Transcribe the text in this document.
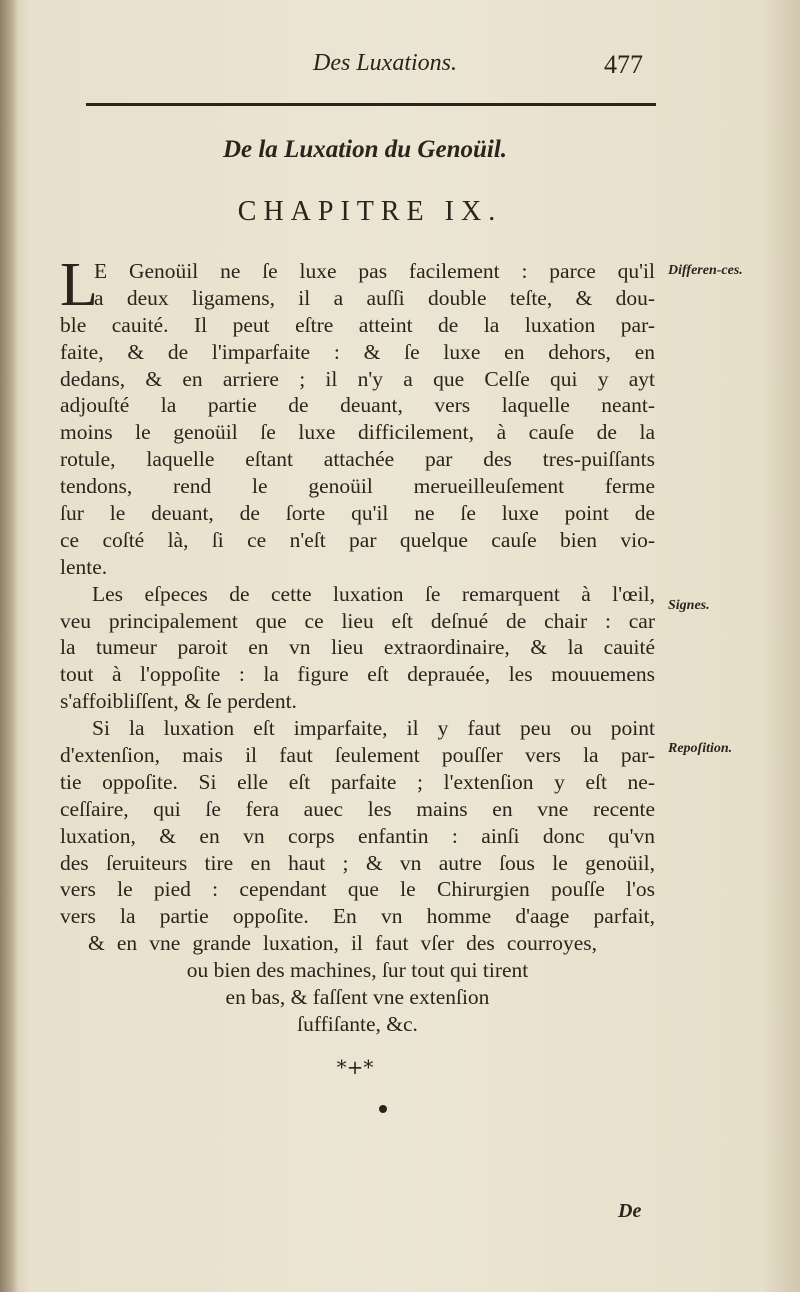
Des Luxations.	477
De la Luxation du Genoüil.
CHAPITRE IX.
L
E Genoüil ne ſe luxe pas facilement : parce qu'il
a deux ligamens, il a auſſi double teſte, & dou-
ble cauité. Il peut eſtre atteint de la luxation par-
faite, & de l'imparfaite : & ſe luxe en dehors, en
dedans, & en arriere ; il n'y a que Celſe qui y ayt
adjouſté la partie de deuant, vers laquelle neant-
moins le genoüil ſe luxe difficilement, à cauſe de la
rotule, laquelle eſtant attachée par des tres-puiſſants
tendons, rend le genoüil merueilleuſement ferme
ſur le deuant, de ſorte qu'il ne ſe luxe point de
ce coſté là, ſi ce n'eſt par quelque cauſe bien vio-
lente.
Les eſpeces de cette luxation ſe remarquent à l'œil,
veu principalement que ce lieu eſt deſnué de chair : car
la tumeur paroit en vn lieu extraordinaire, & la cauité
tout à l'oppoſite : la figure eſt deprauée, les mouuemens
s'affoibliſſent, & ſe perdent.
Si la luxation eſt imparfaite, il y faut peu ou point
d'extenſion, mais il faut ſeulement pouſſer vers la par-
tie oppoſite. Si elle eſt parfaite ; l'extenſion y eſt ne-
ceſſaire, qui ſe fera auec les mains en vne recente
luxation, & en vn corps enfantin : ainſi donc qu'vn
des ſeruiteurs tire en haut ; & vn autre ſous le genoüil,
vers le pied : cependant que le Chirurgien pouſſe l'os
vers la partie oppoſite. En vn homme d'aage parfait,
& en vne grande luxation, il faut vſer des courroyes,
ou bien des machines, ſur tout qui tirent
en bas, & faſſent vne extenſion
ſuffiſante, &c.
Differen-ces.
Signes.
Repoſition.
*+*
De
